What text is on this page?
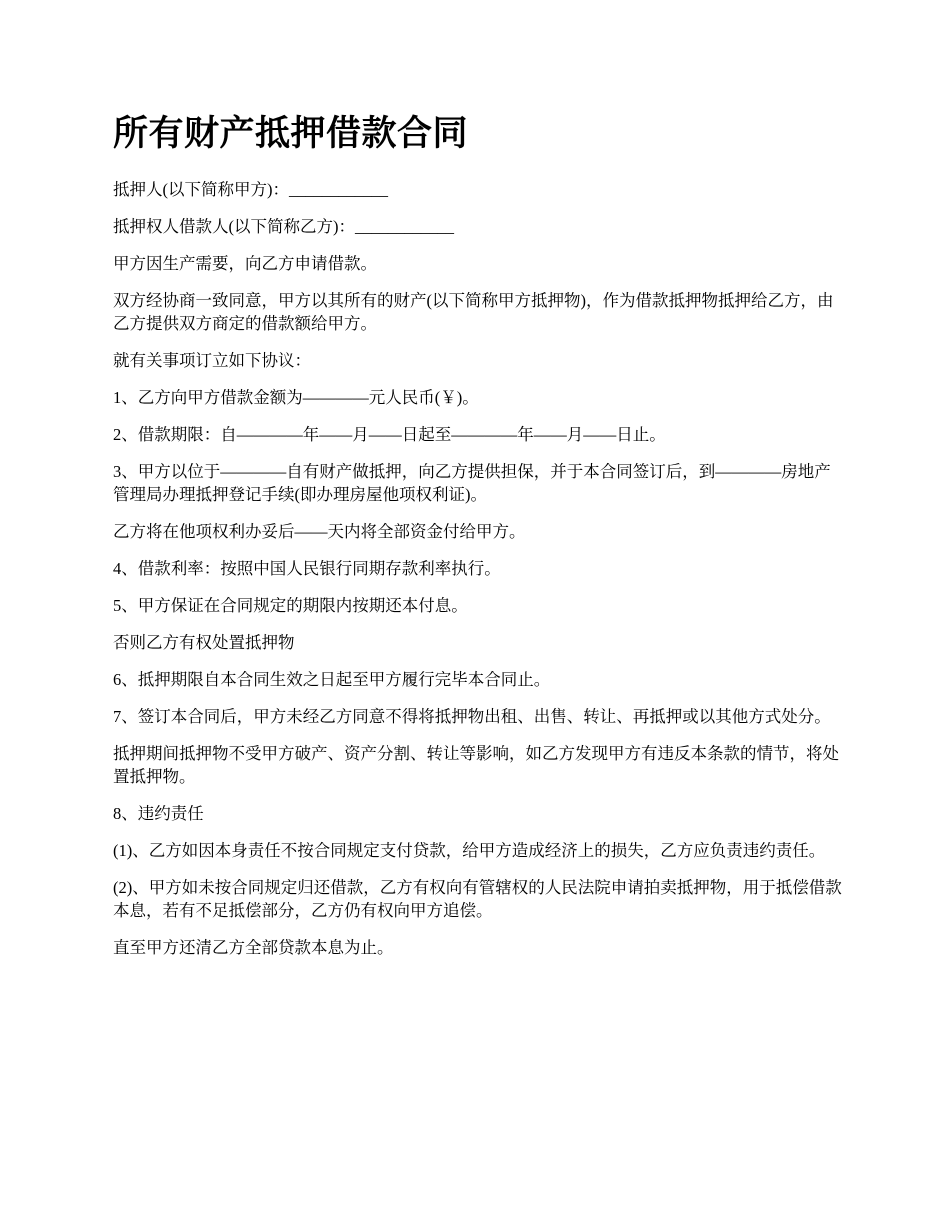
所有财产抵押借款合同

抵押人(以下简称甲方)：____________

抵押权人借款人(以下简称乙方)：____________

甲方因生产需要，向乙方申请借款。

双方经协商一致同意，甲方以其所有的财产(以下简称甲方抵押物)，作为借款抵押物抵押给乙方，由乙方提供双方商定的借款额给甲方。

就有关事项订立如下协议：

1、乙方向甲方借款金额为————元人民币(￥)。

2、借款期限：自————年——月——日起至————年——月——日止。

3、甲方以位于————自有财产做抵押，向乙方提供担保，并于本合同签订后，到————房地产管理局办理抵押登记手续(即办理房屋他项权利证)。

乙方将在他项权利办妥后——天内将全部资金付给甲方。

4、借款利率：按照中国人民银行同期存款利率执行。

5、甲方保证在合同规定的期限内按期还本付息。

否则乙方有权处置抵押物

6、抵押期限自本合同生效之日起至甲方履行完毕本合同止。

7、签订本合同后，甲方未经乙方同意不得将抵押物出租、出售、转让、再抵押或以其他方式处分。

抵押期间抵押物不受甲方破产、资产分割、转让等影响，如乙方发现甲方有违反本条款的情节，将处置抵押物。

8、违约责任

(1)、乙方如因本身责任不按合同规定支付贷款，给甲方造成经济上的损失，乙方应负责违约责任。

(2)、甲方如未按合同规定归还借款，乙方有权向有管辖权的人民法院申请拍卖抵押物，用于抵偿借款本息，若有不足抵偿部分，乙方仍有权向甲方追偿。

直至甲方还清乙方全部贷款本息为止。
